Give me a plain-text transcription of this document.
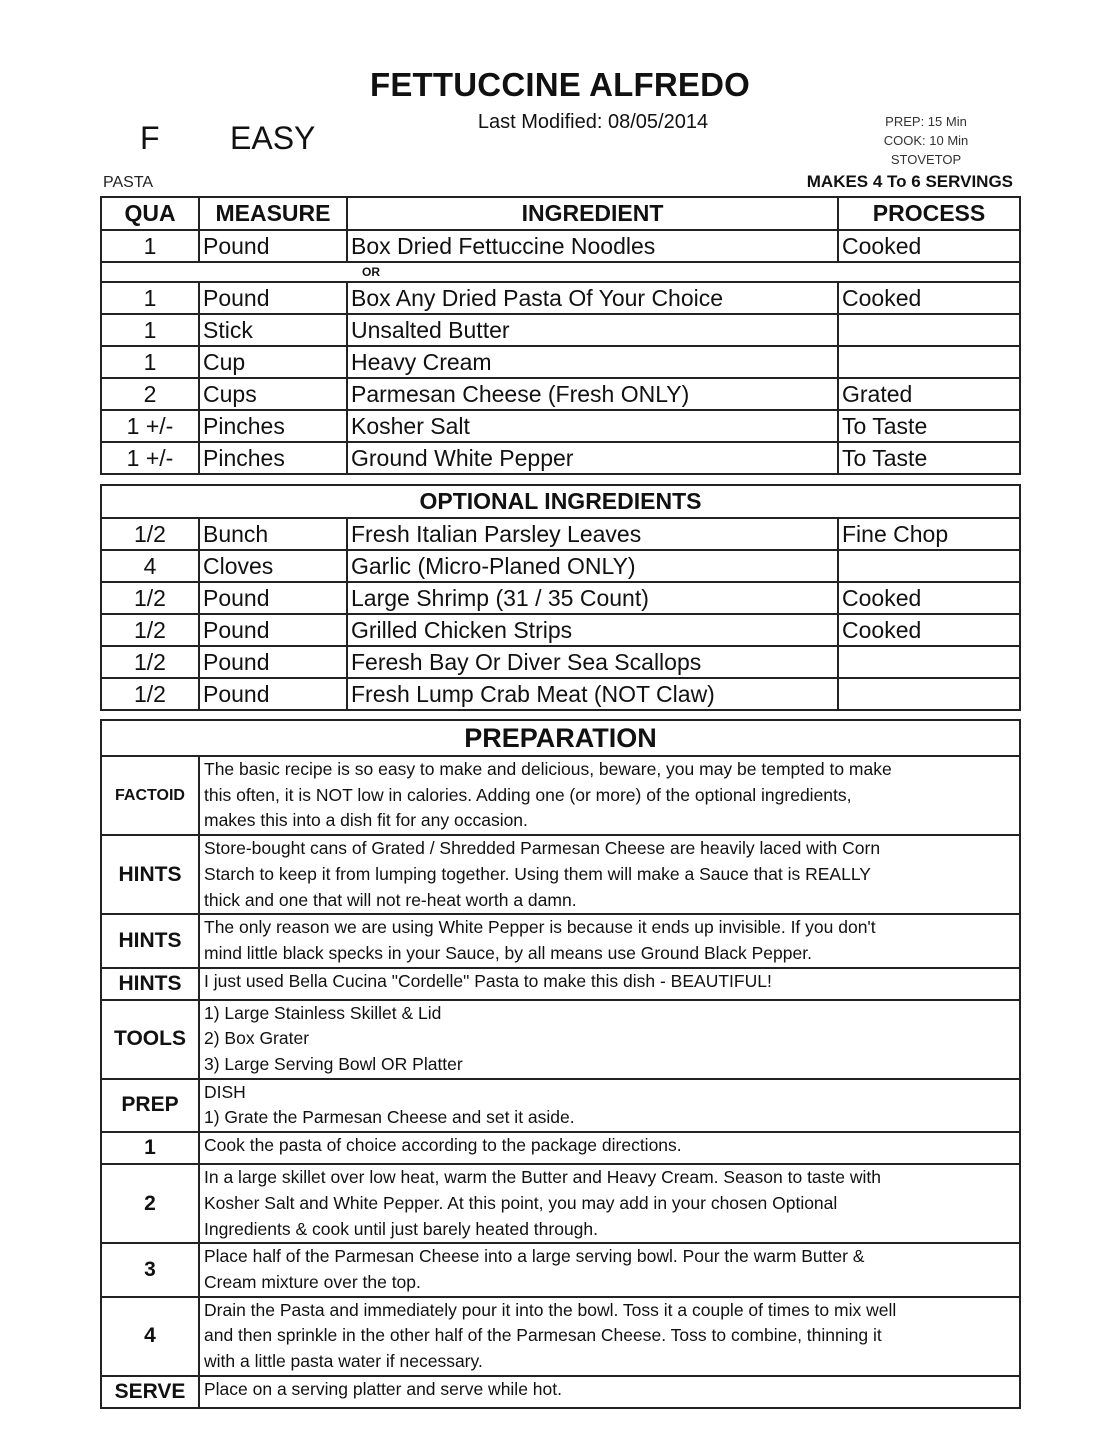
FETTUCCINE ALFREDO
Last Modified: 08/05/2014
F EASY	PREP: 15 Min
COOK: 10 Min
STOVETOP
PASTA	MAKES 4 To 6 SERVINGS
QUA	MEASURE	INGREDIENT	PROCESS
1	Pound	Box Dried Fettuccine Noodles	Cooked
OR			
1	Pound	Box Any Dried Pasta Of Your Choice	Cooked
1	Stick	Unsalted Butter	
1	Cup	Heavy Cream	
2	Cups	Parmesan Cheese (Fresh ONLY)	Grated
1 +/-	Pinches	Kosher Salt	To Taste
1 +/-	Pinches	Ground White Pepper	To Taste
OPTIONAL INGREDIENTS			
1/2	Bunch	Fresh Italian Parsley Leaves	Fine Chop
4	Cloves	Garlic (Micro-Planed ONLY)	
1/2	Pound	Large Shrimp (31 / 35 Count)	Cooked
1/2	Pound	Grilled Chicken Strips	Cooked
1/2	Pound	Feresh Bay Or Diver Sea Scallops	
1/2	Pound	Fresh Lump Crab Meat (NOT Claw)	
PREPARATION	
FACTOID	The basic recipe is so easy to make and delicious, beware, you may be tempted to make
this often, it is NOT low in calories. Adding one (or more) of the optional ingredients,
makes this into a dish fit for any occasion.

HINTS	Store-bought cans of Grated / Shredded Parmesan Cheese are heavily laced with Corn
Starch to keep it from lumping together. Using them will make a Sauce that is REALLY
thick and one that will not re-heat worth a damn.

HINTS	The only reason we are using White Pepper is because it ends up invisible. If you don't
mind little black specks in your Sauce, by all means use Ground Black Pepper.

HINTS	I just used Bella Cucina "Cordelle" Pasta to make this dish - BEAUTIFUL!

TOOLS	1) Large Stainless Skillet & Lid
2) Box Grater
3) Large Serving Bowl OR Platter

PREP	DISH
1) Grate the Parmesan Cheese and set it aside.

1	Cook the pasta of choice according to the package directions.

2	In a large skillet over low heat, warm the Butter and Heavy Cream. Season to taste with
Kosher Salt and White Pepper. At this point, you may add in your chosen Optional
Ingredients & cook until just barely heated through.

3	Place half of the Parmesan Cheese into a large serving bowl. Pour the warm Butter &
Cream mixture over the top.

4	Drain the Pasta and immediately pour it into the bowl. Toss it a couple of times to mix well
and then sprinkle in the other half of the Parmesan Cheese. Toss to combine, thinning it
with a little pasta water if necessary.

SERVE	Place on a serving platter and serve while hot.
